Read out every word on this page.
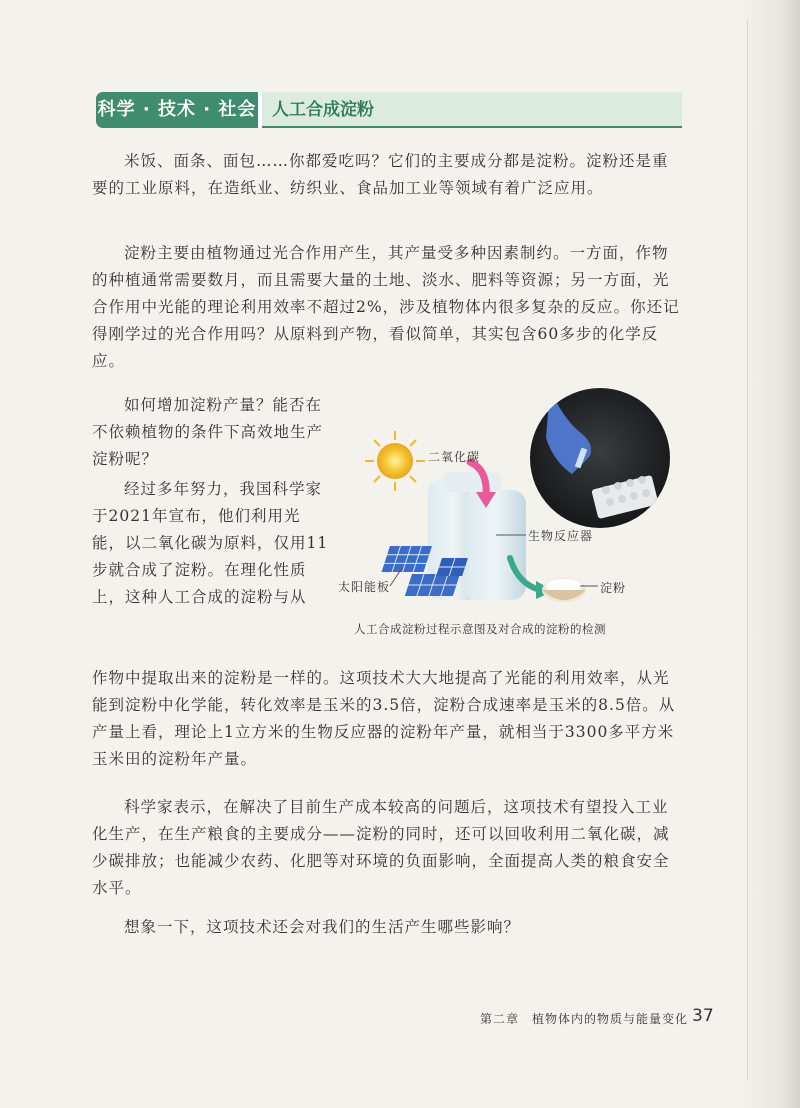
科学 · 技术 · 社会 人工合成淀粉

米饭、面条、面包……你都爱吃吗？它们的主要成分都是淀粉。淀粉还是重要的工业原料，在造纸业、纺织业、食品加工业等领域有着广泛应用。

淀粉主要由植物通过光合作用产生，其产量受多种因素制约。一方面，作物的种植通常需要数月，而且需要大量的土地、淡水、肥料等资源；另一方面，光合作用中光能的理论利用效率不超过2%，涉及植物体内很多复杂的反应。你还记得刚学过的光合作用吗？从原料到产物，看似简单，其实包含60多步的化学反应。

如何增加淀粉产量？能否在不依赖植物的条件下高效地生产淀粉呢？

经过多年努力，我国科学家于2021年宣布，他们利用光能，以二氧化碳为原料，仅用11步就合成了淀粉。在理化性质上，这种人工合成的淀粉与从

作物中提取出来的淀粉是一样的。这项技术大大地提高了光能的利用效率，从光能到淀粉中化学能，转化效率是玉米的3.5倍，淀粉合成速率是玉米的8.5倍。从产量上看，理论上1立方米的生物反应器的淀粉年产量，就相当于3300多平方米玉米田的淀粉年产量。

科学家表示，在解决了目前生产成本较高的问题后，这项技术有望投入工业化生产，在生产粮食的主要成分——淀粉的同时，还可以回收利用二氧化碳，减少碳排放；也能减少农药、化肥等对环境的负面影响，全面提高人类的粮食安全水平。

想象一下，这项技术还会对我们的生活产生哪些影响？

二氧化碳
生物反应器
太阳能板	淀粉
人工合成淀粉过程示意图及对合成的淀粉的检测
第二章　植物体内的物质与能量变化 37
